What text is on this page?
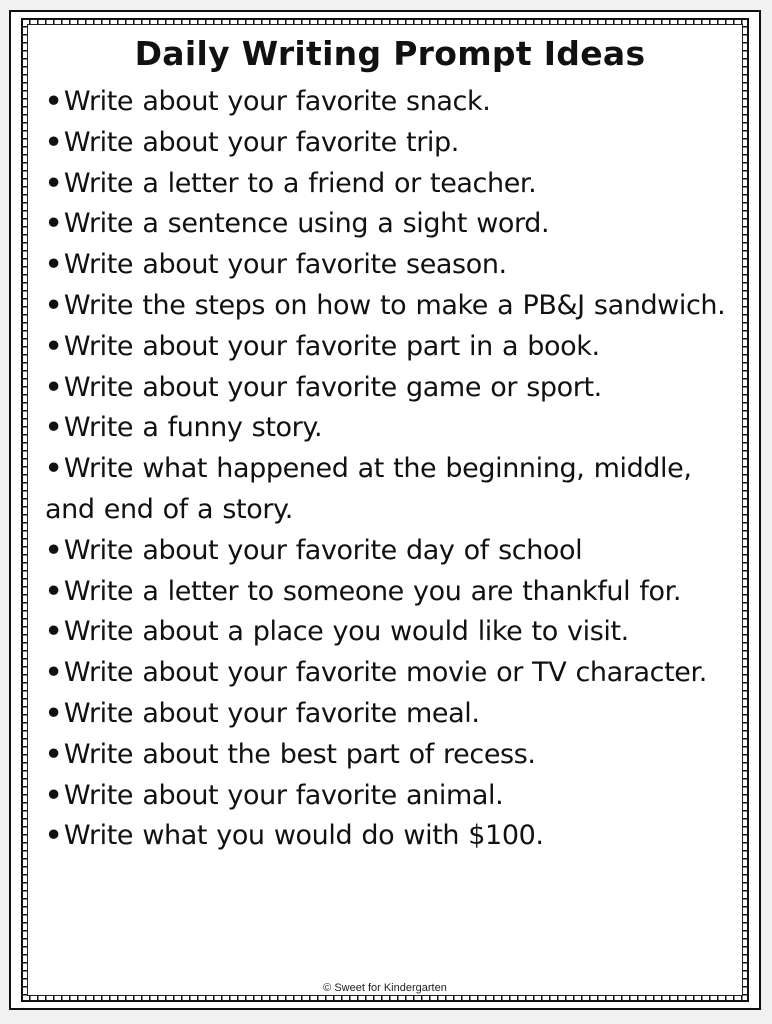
Daily Writing Prompt Ideas
•Write about your favorite snack.
•Write about your favorite trip.
•Write a letter to a friend or teacher.
•Write a sentence using a sight word.
•Write about your favorite season.
•Write the steps on how to make a PB&J sandwich.
•Write about your favorite part in a book.
•Write about your favorite game or sport.
•Write a funny story.
•Write what happened at the beginning, middle, and end of a story.
•Write about your favorite day of school
•Write a letter to someone you are thankful for.
•Write about a place you would like to visit.
•Write about your favorite movie or TV character.
•Write about your favorite meal.
•Write about the best part of recess.
•Write about your favorite animal.
•Write what you would do with $100.
© Sweet for Kindergarten
